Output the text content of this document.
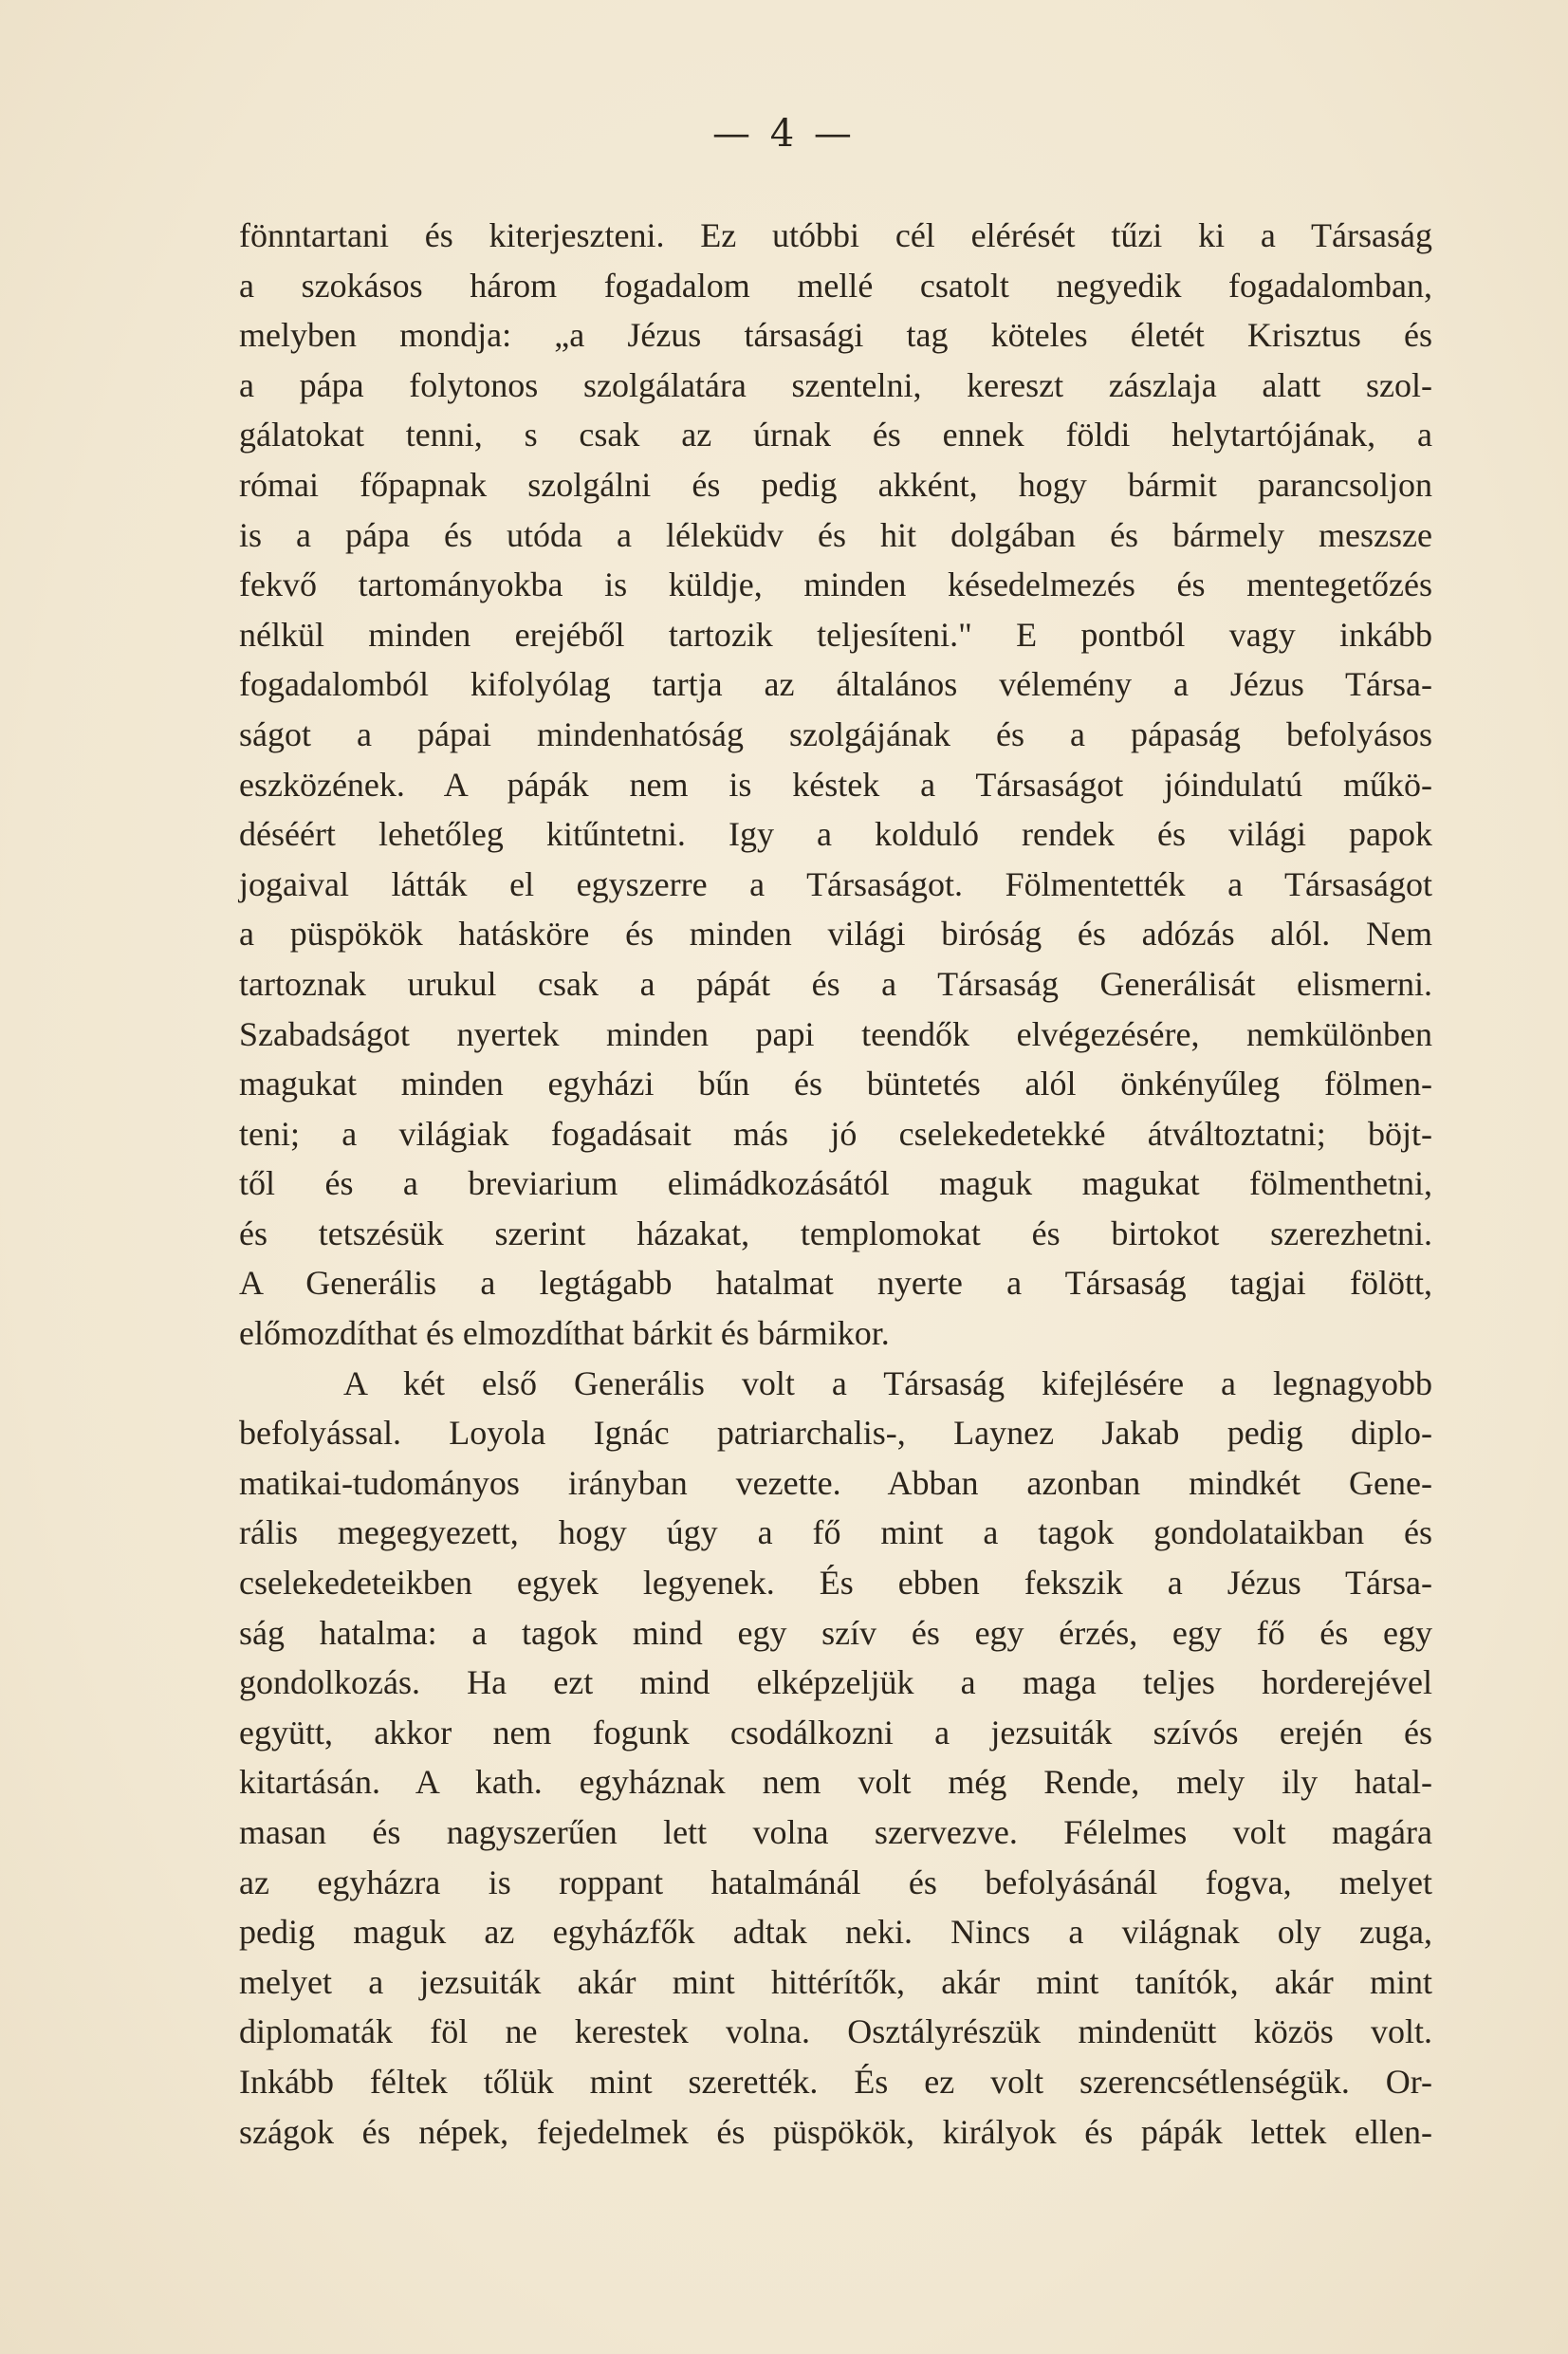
— 4 —
fönntartani és kiterjeszteni. Ez utóbbi cél elérését tűzi ki a Társaság
a szokásos három fogadalom mellé csatolt negyedik fogadalomban,
melyben mondja: „a Jézus társasági tag köteles életét Krisztus és
a pápa folytonos szolgálatára szentelni, kereszt zászlaja alatt szol-
gálatokat tenni, s csak az úrnak és ennek földi helytartójának, a
római főpapnak szolgálni és pedig akként, hogy bármit parancsoljon
is a pápa és utóda a léleküdv és hit dolgában és bármely meszsze
fekvő tartományokba is küldje, minden késedelmezés és mentegetőzés
nélkül minden erejéből tartozik teljesíteni." E pontból vagy inkább
fogadalomból kifolyólag tartja az általános vélemény a Jézus Társa-
ságot a pápai mindenhatóság szolgájának és a pápaság befolyásos
eszközének. A pápák nem is késtek a Társaságot jóindulatú műkö-
déséért lehetőleg kitűntetni. Igy a kolduló rendek és világi papok
jogaival látták el egyszerre a Társaságot. Fölmentették a Társaságot
a püspökök hatásköre és minden világi biróság és adózás alól. Nem
tartoznak urukul csak a pápát és a Társaság Generálisát elismerni.
Szabadságot nyertek minden papi teendők elvégezésére, nemkülönben
magukat minden egyházi bűn és büntetés alól önkényűleg fölmen-
teni; a világiak fogadásait más jó cselekedetekké átváltoztatni; böjt-
től és a breviarium elimádkozásától maguk magukat fölmenthetni,
és tetszésük szerint házakat, templomokat és birtokot szerezhetni.
A Generális a legtágabb hatalmat nyerte a Társaság tagjai fölött,
előmozdíthat és elmozdíthat bárkit és bármikor.
A két első Generális volt a Társaság kifejlésére a legnagyobb
befolyással. Loyola Ignác patriarchalis-, Laynez Jakab pedig diplo-
matikai-tudományos irányban vezette. Abban azonban mindkét Gene-
rális megegyezett, hogy úgy a fő mint a tagok gondolataikban és
cselekedeteikben egyek legyenek. És ebben fekszik a Jézus Társa-
ság hatalma: a tagok mind egy szív és egy érzés, egy fő és egy
gondolkozás. Ha ezt mind elképzeljük a maga teljes horderejével
együtt, akkor nem fogunk csodálkozni a jezsuiták szívós erején és
kitartásán. A kath. egyháznak nem volt még Rende, mely ily hatal-
masan és nagyszerűen lett volna szervezve. Félelmes volt magára
az egyházra is roppant hatalmánál és befolyásánál fogva, melyet
pedig maguk az egyházfők adtak neki. Nincs a világnak oly zuga,
melyet a jezsuiták akár mint hittérítők, akár mint tanítók, akár mint
diplomaták föl ne kerestek volna. Osztályrészük mindenütt közös volt.
Inkább féltek tőlük mint szerették. És ez volt szerencsétlenségük. Or-
szágok és népek, fejedelmek és püspökök, királyok és pápák lettek ellen-
